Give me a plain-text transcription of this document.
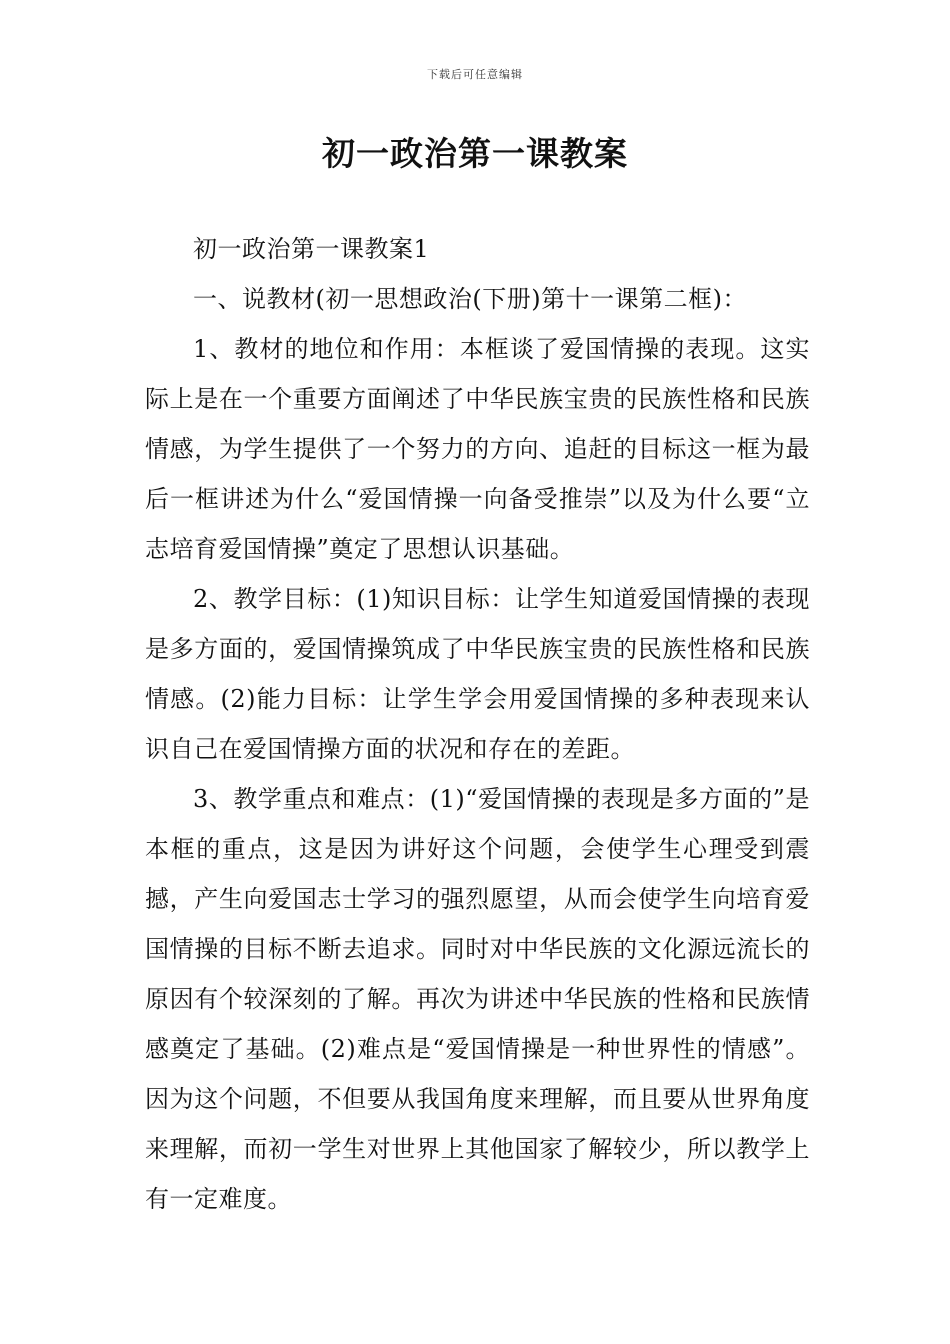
下载后可任意编辑
初一政治第一课教案

初一政治第一课教案1

一、说教材(初一思想政治(下册)第十一课第二框)：

1、教材的地位和作用：本框谈了爱国情操的表现。这实际上是在一个重要方面阐述了中华民族宝贵的民族性格和民族情感，为学生提供了一个努力的方向、追赶的目标这一框为最后一框讲述为什么“爱国情操一向备受推崇”以及为什么要“立志培育爱国情操”奠定了思想认识基础。

2、教学目标：(1)知识目标：让学生知道爱国情操的表现是多方面的，爱国情操筑成了中华民族宝贵的民族性格和民族情感。(2)能力目标：让学生学会用爱国情操的多种表现来认识自己在爱国情操方面的状况和存在的差距。

3、教学重点和难点：(1)“爱国情操的表现是多方面的”是本框的重点，这是因为讲好这个问题，会使学生心理受到震撼，产生向爱国志士学习的强烈愿望，从而会使学生向培育爱国情操的目标不断去追求。同时对中华民族的文化源远流长的原因有个较深刻的了解。再次为讲述中华民族的性格和民族情感奠定了基础。(2)难点是“爱国情操是一种世界性的情感”。因为这个问题，不但要从我国角度来理解，而且要从世界角度来理解，而初一学生对世界上其他国家了解较少，所以教学上有一定难度。
